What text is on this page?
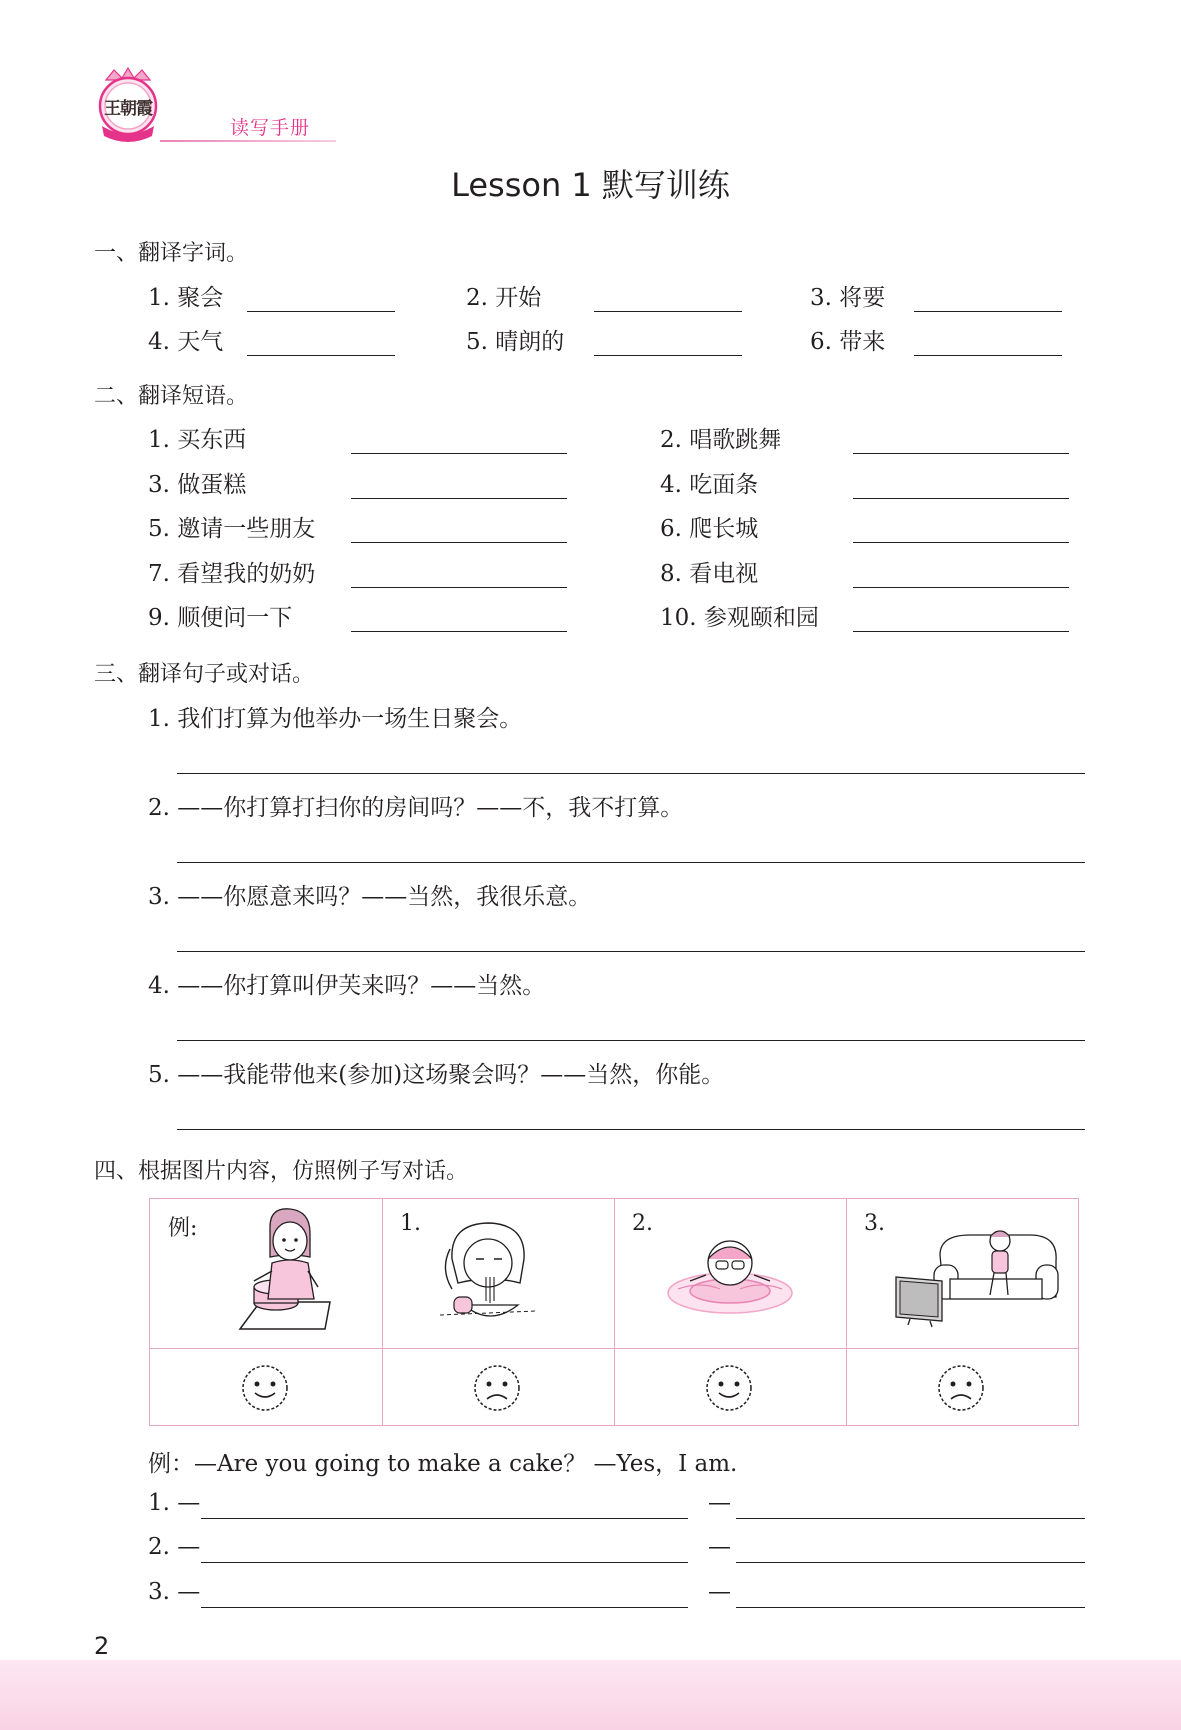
王朝霞
读写手册
Lesson 1 默写训练
一、翻译字词。
1. 聚会	2. 开始	3. 将要
4. 天气	5. 晴朗的	6. 带来
二、翻译短语。
1. 买东西	2. 唱歌跳舞
3. 做蛋糕	4. 吃面条
5. 邀请一些朋友	6. 爬长城
7. 看望我的奶奶	8. 看电视
9. 顺便问一下	10. 参观颐和园
三、翻译句子或对话。
1. 我们打算为他举办一场生日聚会。
2. ——你打算打扫你的房间吗？——不，我不打算。
3. ——你愿意来吗？——当然，我很乐意。
4. ——你打算叫伊芙来吗？——当然。
5. ——我能带他来(参加)这场聚会吗？——当然，你能。
四、根据图片内容，仿照例子写对话。
例:	1.	2.	3.
例：—Are you going to make a cake？ —Yes，I am.
1. —	—
2. —	—
3. —	—
2
